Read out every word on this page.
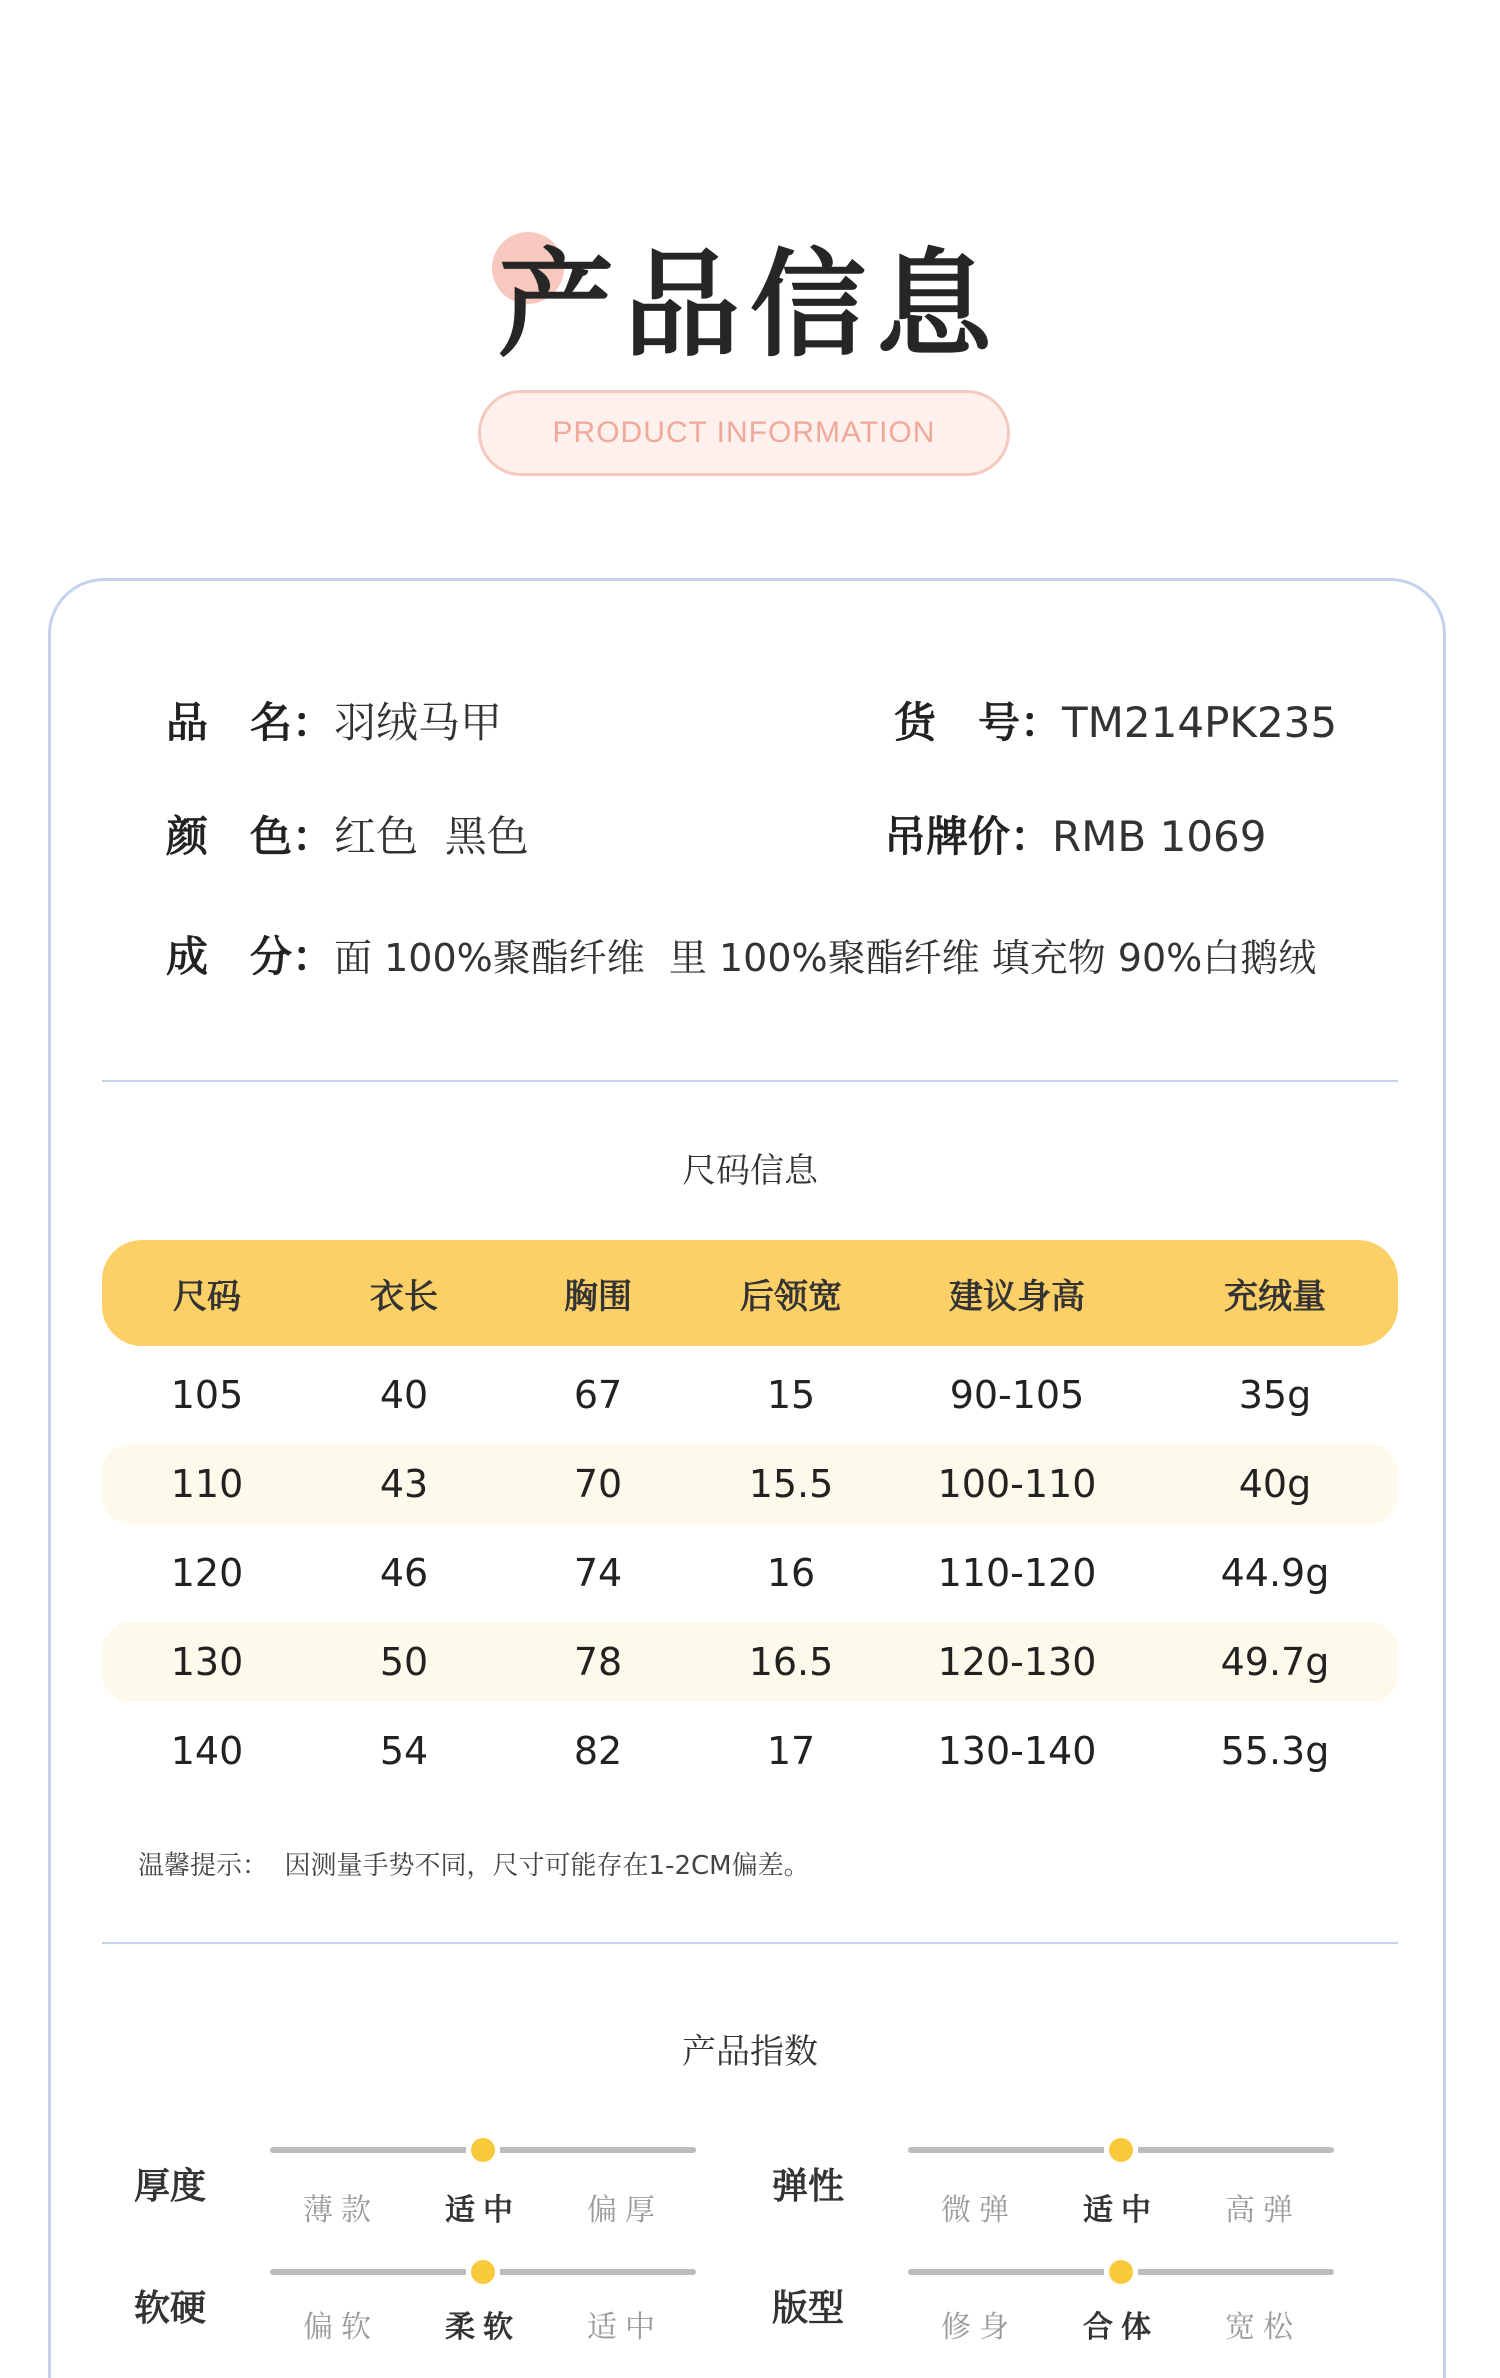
产品信息
PRODUCT INFORMATION
品　名： 羽绒马甲	货　号： TM214PK235
颜　色： 红色  黑色	吊牌价： RMB 1069
成　分： 面 100%聚酯纤维  里 100%聚酯纤维 填充物 90%白鹅绒
尺码信息
尺码	衣长	胸围	后领宽	建议身高	充绒量
105	40	67	15	90-105	35g
110	43	70	15.5	100-110	40g
120	46	74	16	110-120	44.9g
130	50	78	16.5	120-130	49.7g
140	54	82	17	130-140	55.3g
温馨提示：  因测量手势不同，尺寸可能存在1-2CM偏差。
产品指数
厚度
薄款	适中	偏厚
弹性
微弹	适中	高弹
软硬	偏软	柔软	适中	版型	修身	合体	宽松
